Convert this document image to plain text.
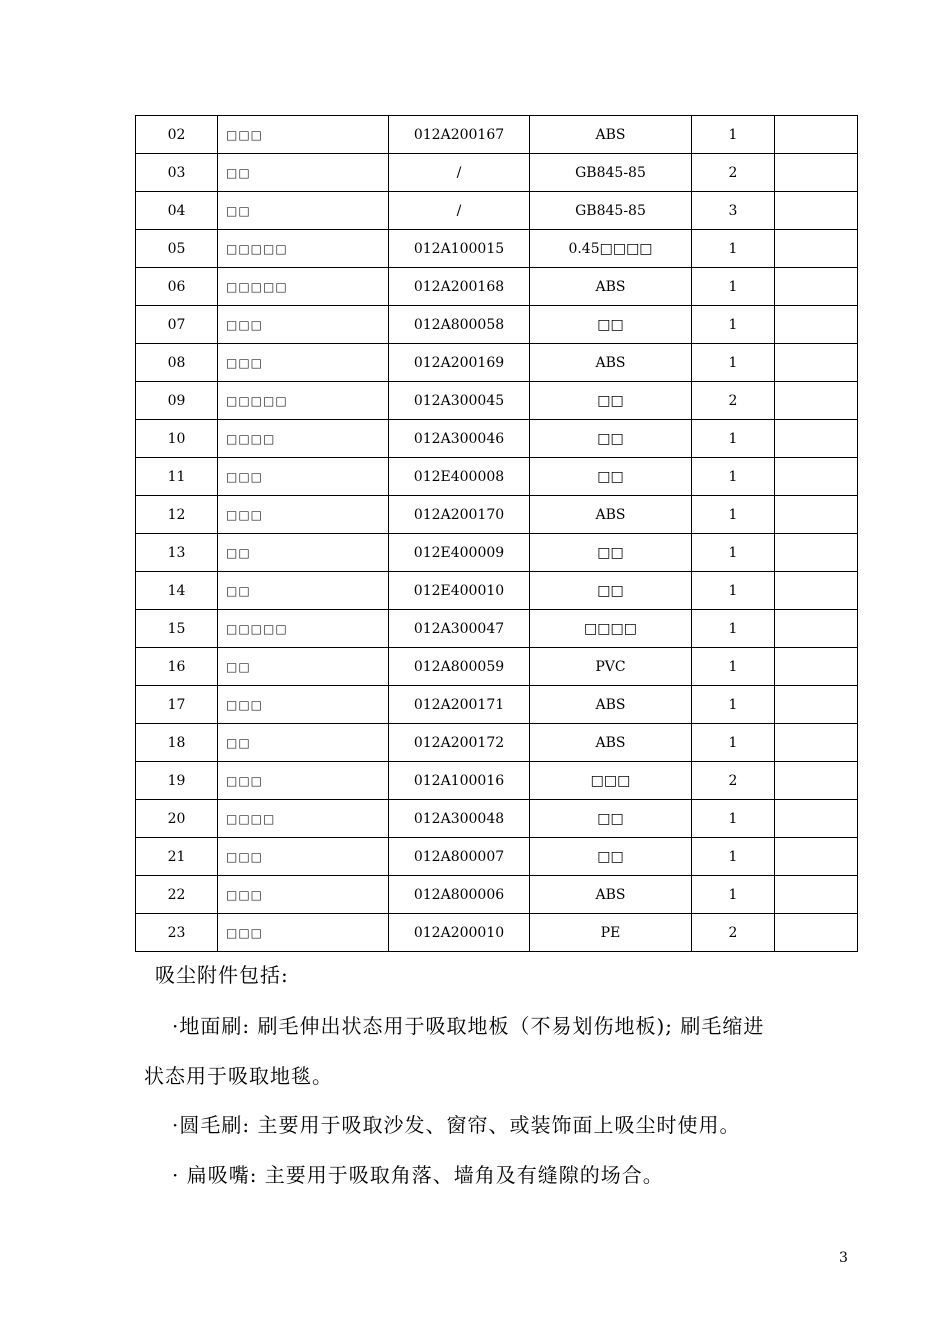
02	□□□	012A200167	ABS	1	
03	□□	/	GB845-85	2	
04	□□	/	GB845-85	3	
05	□□□□□	012A100015	0.45□□□□	1	
06	□□□□□	012A200168	ABS	1	
07	□□□	012A800058	□□	1	
08	□□□	012A200169	ABS	1	
09	□□□□□	012A300045	□□	2	
10	□□□□	012A300046	□□	1	
11	□□□	012E400008	□□	1	
12	□□□	012A200170	ABS	1	
13	□□	012E400009	□□	1	
14	□□	012E400010	□□	1	
15	□□□□□	012A300047	□□□□	1	
16	□□	012A800059	PVC	1	
17	□□□	012A200171	ABS	1	
18	□□	012A200172	ABS	1	
19	□□□	012A100016	□□□	2	
20	□□□□	012A300048	□□	1	
21	□□□	012A800007	□□	1	
22	□□□	012A800006	ABS	1	
23	□□□	012A200010	PE	2	
吸尘附件包括:
·地面刷: 刷毛伸出状态用于吸取地板（不易划伤地板); 刷毛缩进
状态用于吸取地毯。
·圆毛刷: 主要用于吸取沙发、窗帘、或装饰面上吸尘时使用。
· 扁吸嘴: 主要用于吸取角落、墙角及有缝隙的场合。
3
